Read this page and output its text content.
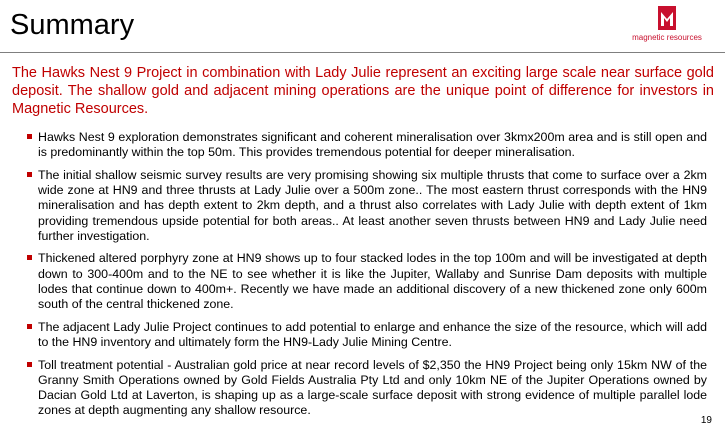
Summary	magnetic resources
The Hawks Nest 9 Project in combination with Lady Julie represent an exciting large scale near surface gold deposit. The shallow gold and adjacent mining operations are the unique point of difference for investors in Magnetic Resources.
Hawks Nest 9 exploration demonstrates significant and coherent mineralisation over 3kmx200m area and is still open and is predominantly within the top 50m. This provides tremendous potential for deeper mineralisation.
The initial shallow seismic survey results are very promising showing six multiple thrusts that come to surface over a 2km wide zone at HN9 and three thrusts at Lady Julie over a 500m zone.. The most eastern thrust corresponds with the HN9 mineralisation and has depth extent to 2km depth, and a thrust also correlates with Lady Julie with depth extent of 1km providing tremendous upside potential for both areas.. At least another seven thrusts between HN9 and Lady Julie need further investigation.
Thickened altered porphyry zone at HN9 shows up to four stacked lodes in the top 100m and will be investigated at depth down to 300-400m and to the NE to see whether it is like the Jupiter, Wallaby and Sunrise Dam deposits with multiple lodes that continue down to 400m+. Recently we have made an additional discovery of a new thickened zone only 600m south of the central thickened zone.
The adjacent Lady Julie Project continues to add potential to enlarge and enhance the size of the resource, which will add to the HN9 inventory and ultimately form the HN9-Lady Julie Mining Centre.
Toll treatment potential - Australian gold price at near record levels of $2,350 the HN9 Project being only 15km NW of the Granny Smith Operations owned by Gold Fields Australia Pty Ltd and only 10km NE of the Jupiter Operations owned by Dacian Gold Ltd at Laverton, is shaping up as a large-scale surface deposit with strong evidence of multiple parallel lode zones at depth augmenting any shallow resource.
19
